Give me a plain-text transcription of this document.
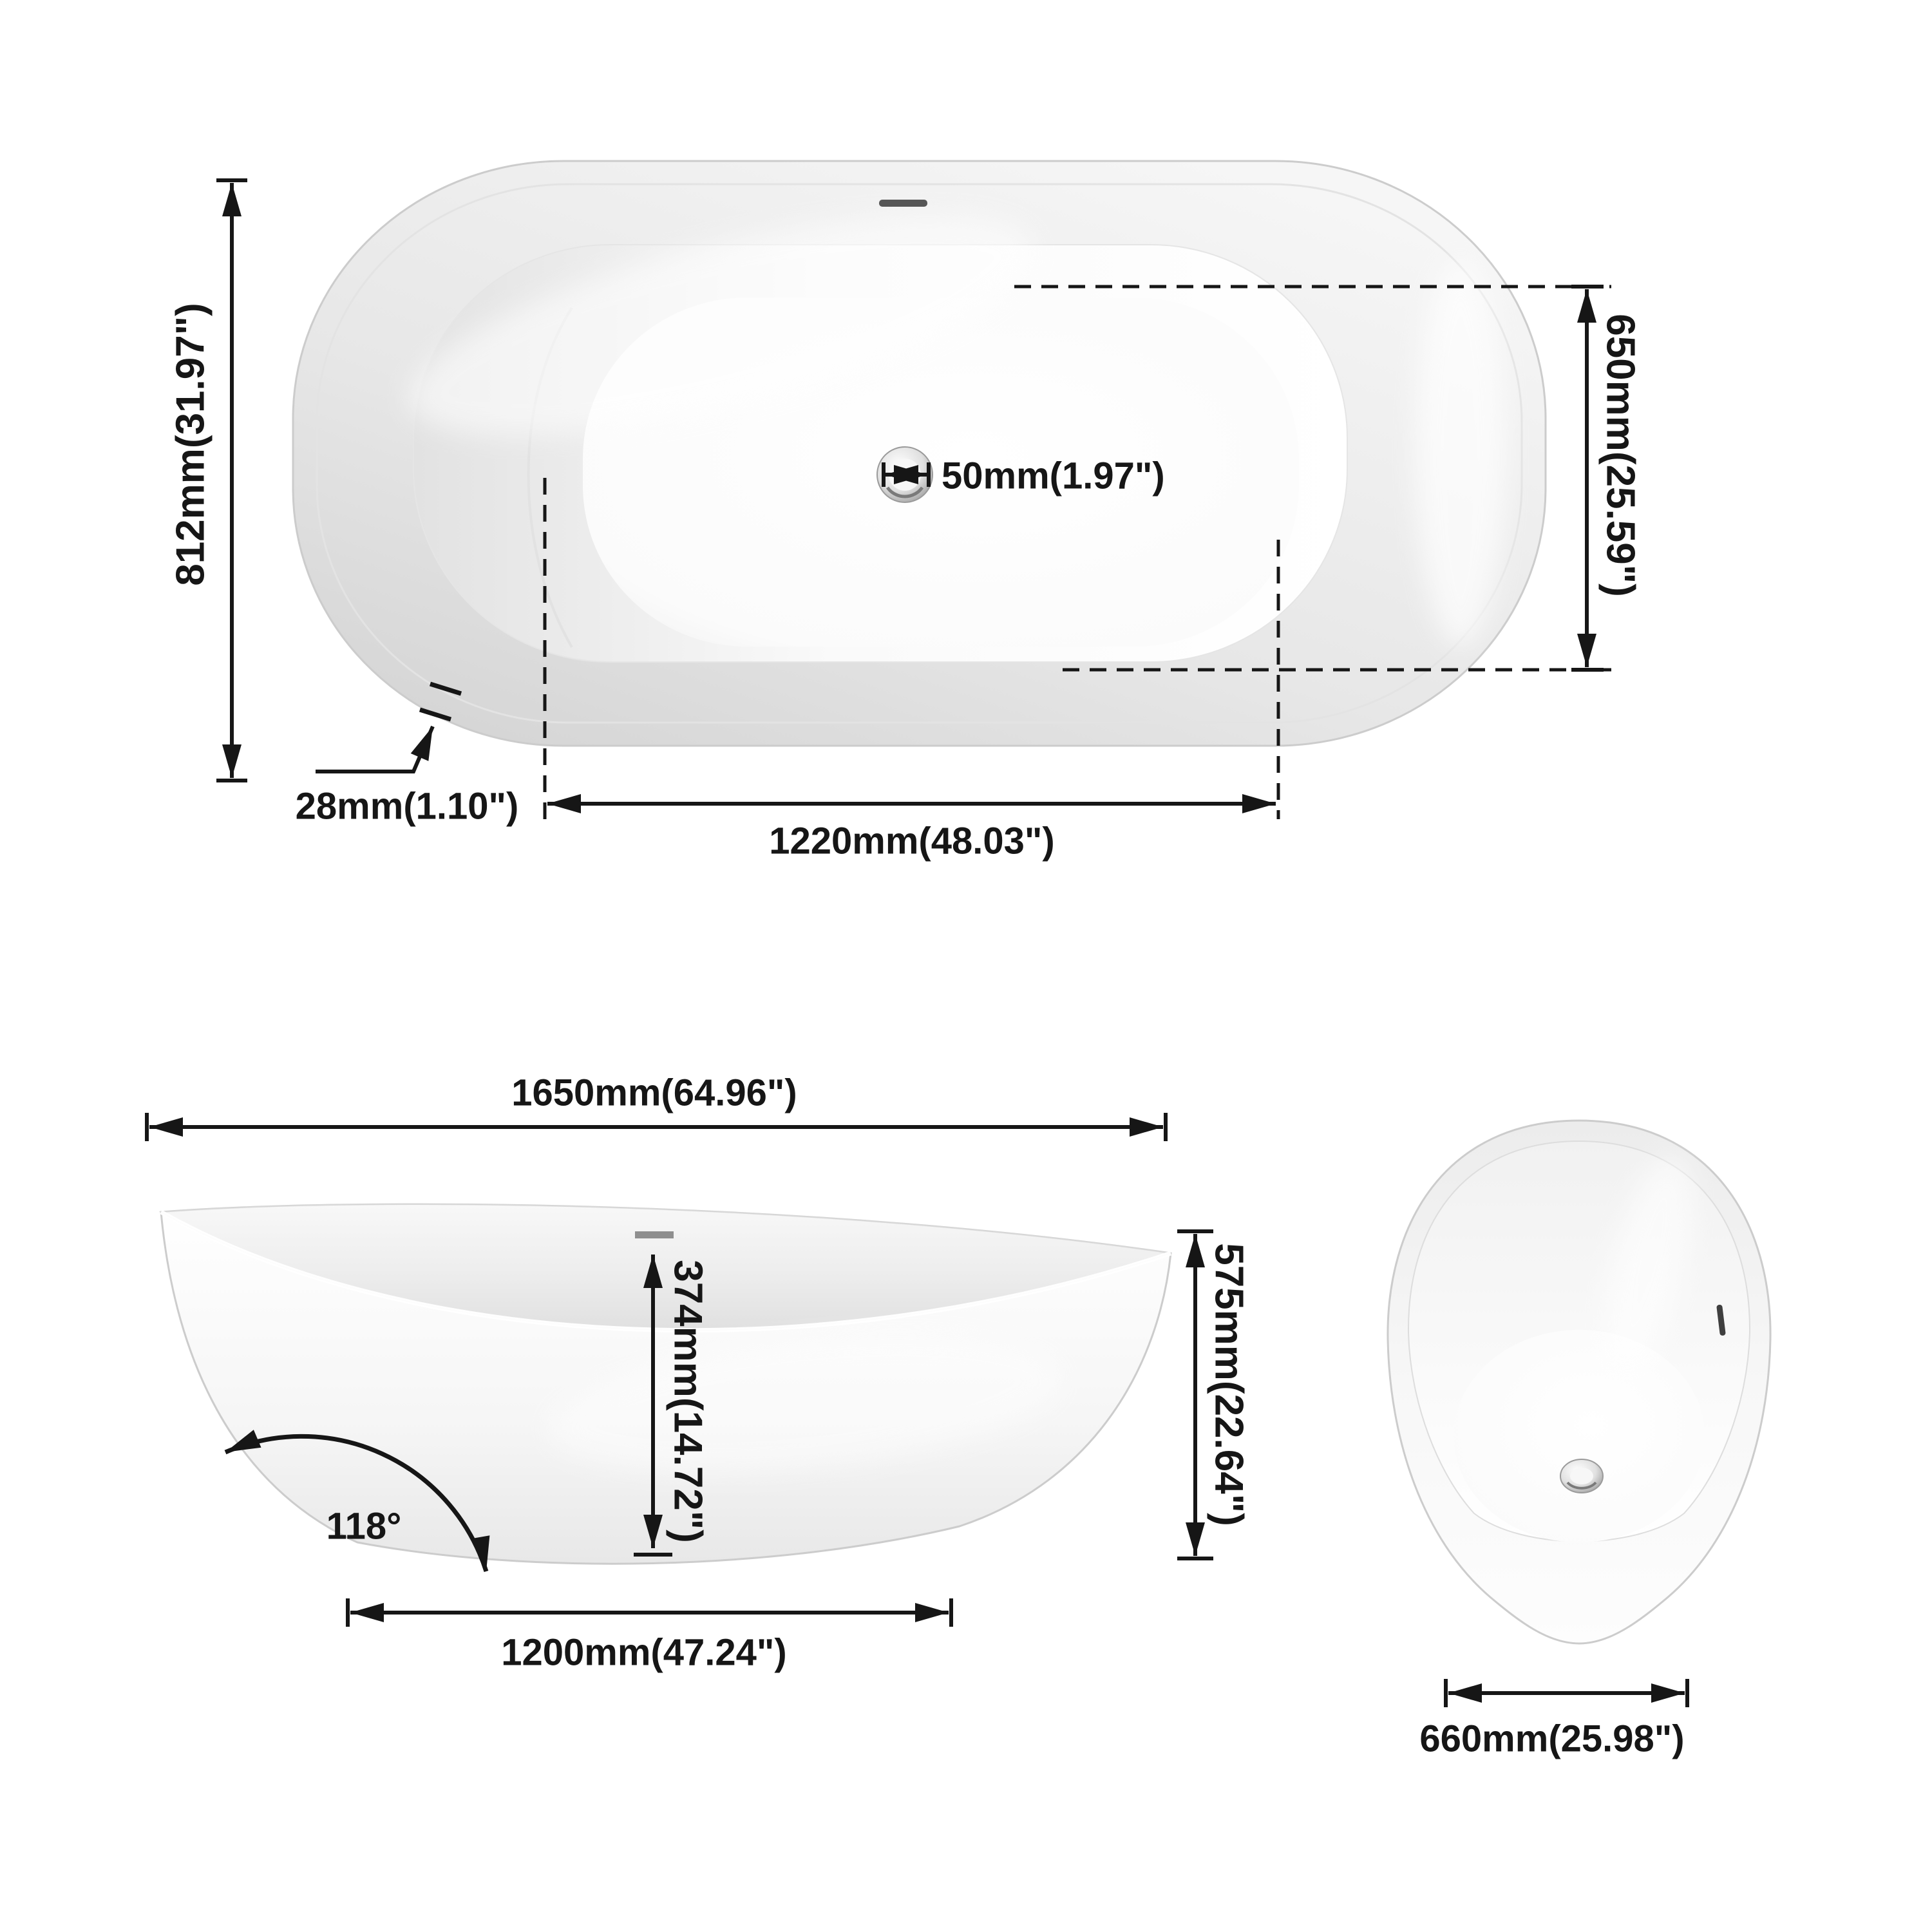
50mm(1.97")
812mm(31.97")	650mm(25.59")
1220mm(48.03")
28mm(1.10")
1650mm(64.96")
374mm(14.72")
118°
1200mm(47.24")
575mm(22.64")
660mm(25.98")
